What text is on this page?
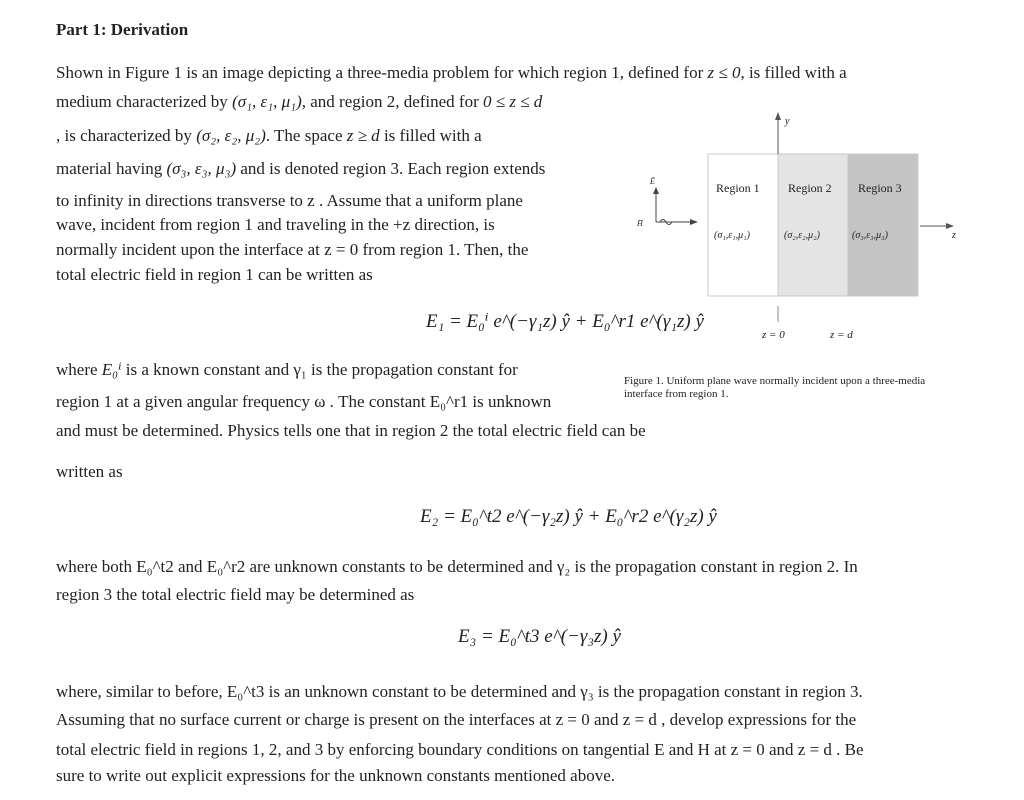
Part 1: Derivation
Shown in Figure 1 is an image depicting a three-media problem for which region 1, defined for z ≤ 0, is filled with a
medium characterized by (σ₁, ε₁, μ₁), and region 2, defined for 0 ≤ z ≤ d
, is characterized by (σ₂, ε₂, μ₂). The space z ≥ d is filled with a
material having (σ₃, ε₃, μ₃) and is denoted region 3. Each region extends
to infinity in directions transverse to z . Assume that a uniform plane
wave, incident from region 1 and traveling in the +z direction, is
normally incident upon the interface at z = 0 from region 1. Then, the
total electric field in region 1 can be written as
E₁ = E₀ⁱ e^(−γ₁z) ŷ + E₀^r1 e^(γ₁z) ŷ
where E₀ⁱ is a known constant and γ₁ is the propagation constant for
region 1 at a given angular frequency ω . The constant E₀^r1 is unknown
and must be determined. Physics tells one that in region 2 the total electric field can be
written as
E₂ = E₀^t2 e^(−γ₂z) ŷ + E₀^r2 e^(γ₂z) ŷ
where both E₀^t2 and E₀^r2 are unknown constants to be determined and γ₂ is the propagation constant in region 2. In
region 3 the total electric field may be determined as
E₃ = E₀^t3 e^(−γ₃z) ŷ
where, similar to before, E₀^t3 is an unknown constant to be determined and γ₃ is the propagation constant in region 3.
Assuming that no surface current or charge is present on the interfaces at z = 0 and z = d , develop expressions for the
total electric field in regions 1, 2, and 3 by enforcing boundary conditions on tangential E and H at z = 0 and z = d . Be
sure to write out explicit expressions for the unknown constants mentioned above.
Region 1 Region 2 Region 3
(σ₁,ε₁,μ₁)	(σ₂,ε₂,μ₂)	(σ₃,ε₃,μ₃)
y
z
Ē
H̄
z = 0	z = d
Figure 1. Uniform plane wave normally incident upon a three-media interface from region 1.
